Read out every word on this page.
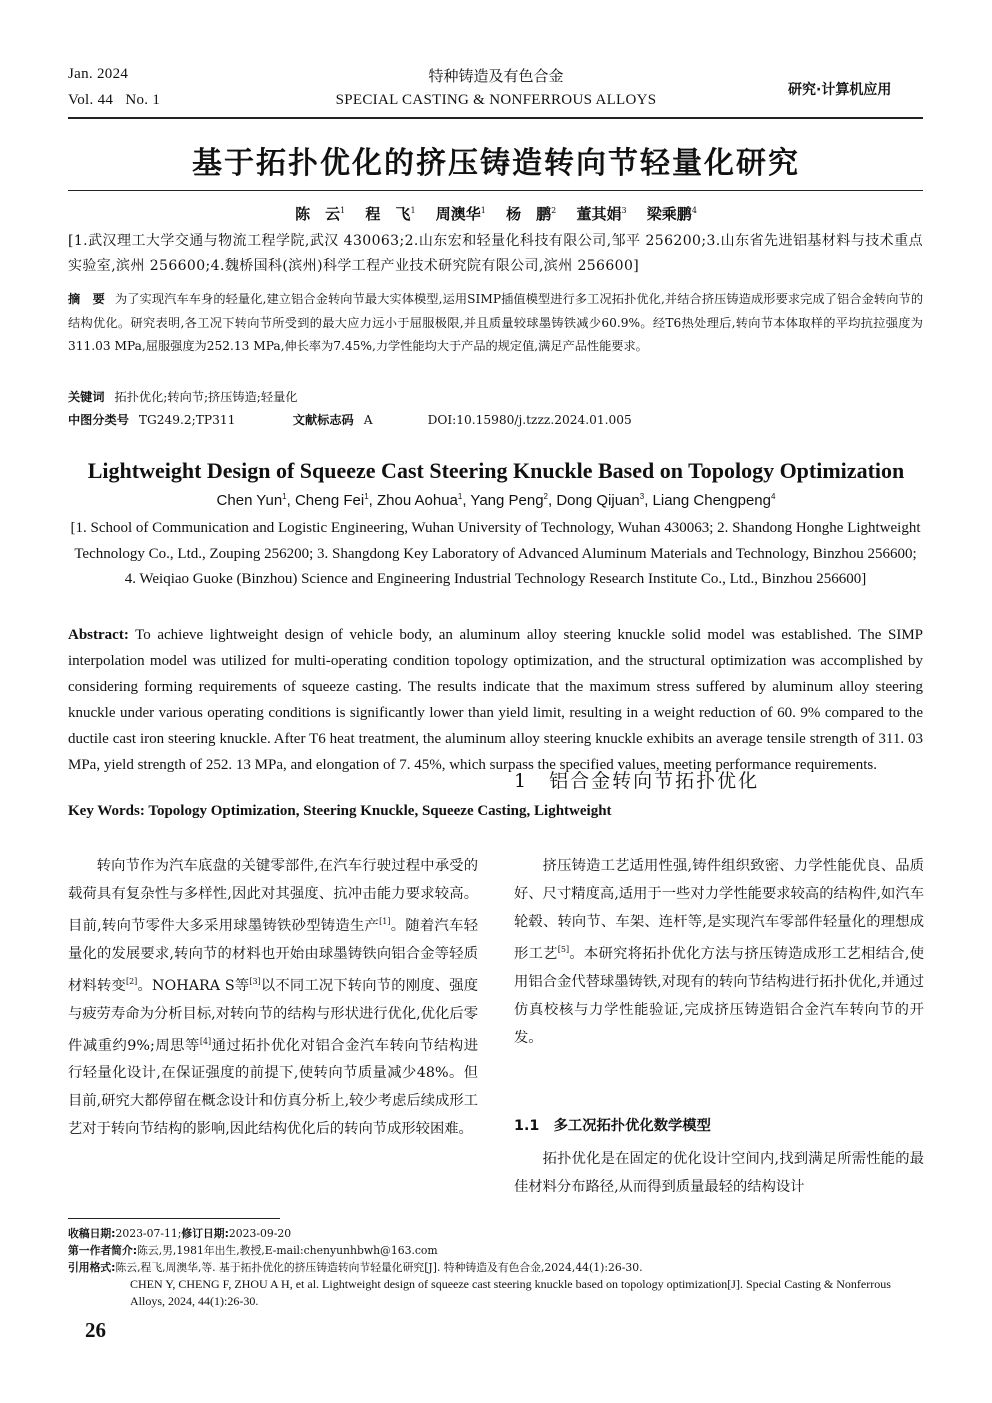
Jan. 2024
Vol. 44   No. 1
特种铸造及有色合金
SPECIAL CASTING & NONFERROUS ALLOYS
研究·计算机应用
基于拓扑优化的挤压铸造转向节轻量化研究
陈　云$^1$  程　飞$^1$  周澳华$^1$  杨　鹏$^2$  董其娟$^3$  梁乘鹏$^4$
[1.武汉理工大学交通与物流工程学院,武汉 430063;2.山东宏和轻量化科技有限公司,邹平 256200;3.山东省先进铝基材料与技术重点实验室,滨州 256600;4.魏桥国科(滨州)科学工程产业技术研究院有限公司,滨州 256600]
摘　要  为了实现汽车车身的轻量化,建立铝合金转向节最大实体模型,运用SIMP插值模型进行多工况拓扑优化,并结合挤压铸造成形要求完成了铝合金转向节的结构优化。研究表明,各工况下转向节所受到的最大应力远小于屈服极限,并且质量较球墨铸铁减少60.9%。经T6热处理后,转向节本体取样的平均抗拉强度为311.03 MPa,屈服强度为252.13 MPa,伸长率为7.45%,力学性能均大于产品的规定值,满足产品性能要求。
关键词  拓扑优化;转向节;挤压铸造;轻量化
中图分类号  TG249.2;TP311	文献标志码  A	DOI:10.15980/j.tzzz.2024.01.005
Lightweight Design of Squeeze Cast Steering Knuckle Based on Topology Optimization
Chen Yun$^1$, Cheng Fei$^1$, Zhou Aohua$^1$, Yang Peng$^2$, Dong Qijuan$^3$, Liang Chengpeng$^4$
[1. School of Communication and Logistic Engineering, Wuhan University of Technology, Wuhan 430063; 2. Shandong Honghe Lightweight Technology Co., Ltd., Zouping 256200; 3. Shangdong Key Laboratory of Advanced Aluminum Materials and Technology, Binzhou 256600; 4. Weiqiao Guoke (Binzhou) Science and Engineering Industrial Technology Research Institute Co., Ltd., Binzhou 256600]
Abstract: To achieve lightweight design of vehicle body, an aluminum alloy steering knuckle solid model was established. The SIMP interpolation model was utilized for multi-operating condition topology optimization, and the structural optimization was accomplished by considering forming requirements of squeeze casting. The results indicate that the maximum stress suffered by aluminum alloy steering knuckle under various operating conditions is significantly lower than yield limit, resulting in a weight reduction of 60. 9% compared to the ductile cast iron steering knuckle. After T6 heat treatment, the aluminum alloy steering knuckle exhibits an average tensile strength of 311. 03 MPa, yield strength of 252. 13 MPa, and elongation of 7. 45%, which surpass the specified values, meeting performance requirements.
Key Words: Topology Optimization, Steering Knuckle, Squeeze Casting, Lightweight

转向节作为汽车底盘的关键零部件,在汽车行驶过程中承受的载荷具有复杂性与多样性,因此对其强度、抗冲击能力要求较高。目前,转向节零件大多采用球墨铸铁砂型铸造生产[1]。随着汽车轻量化的发展要求,转向节的材料也开始由球墨铸铁向铝合金等轻质材料转变[2]。NOHARA S等[3]以不同工况下转向节的刚度、强度与疲劳寿命为分析目标,对转向节的结构与形状进行优化,优化后零件减重约9%;周思等[4]通过拓扑优化对铝合金汽车转向节结构进行轻量化设计,在保证强度的前提下,使转向节质量减少48%。但目前,研究大都停留在概念设计和仿真分析上,较少考虑后续成形工艺对于转向节结构的影响,因此结构优化后的转向节成形较困难。

挤压铸造工艺适用性强,铸件组织致密、力学性能优良、品质好、尺寸精度高,适用于一些对力学性能要求较高的结构件,如汽车轮毂、转向节、车架、连杆等,是实现汽车零部件轻量化的理想成形工艺[5]。本研究将拓扑优化方法与挤压铸造成形工艺相结合,使用铝合金代替球墨铸铁,对现有的转向节结构进行拓扑优化,并通过仿真校核与力学性能验证,完成挤压铸造铝合金汽车转向节的开发。

1　铝合金转向节拓扑优化
1.1　多工况拓扑优化数学模型

拓扑优化是在固定的优化设计空间内,找到满足所需性能的最佳材料分布路径,从而得到质量最轻的结构设计

收稿日期:2023-07-11;修订日期:2023-09-20
第一作者简介:陈云,男,1981年出生,教授,E-mail:chenyunhbwh@163.com
引用格式:陈云,程飞,周澳华,等. 基于拓扑优化的挤压铸造转向节轻量化研究[J]. 特种铸造及有色合金,2024,44(1):26-30.
CHEN Y, CHENG F, ZHOU A H, et al. Lightweight design of squeeze cast steering knuckle based on topology optimization[J]. Special Casting & Nonferrous Alloys, 2024, 44(1):26-30.
26
